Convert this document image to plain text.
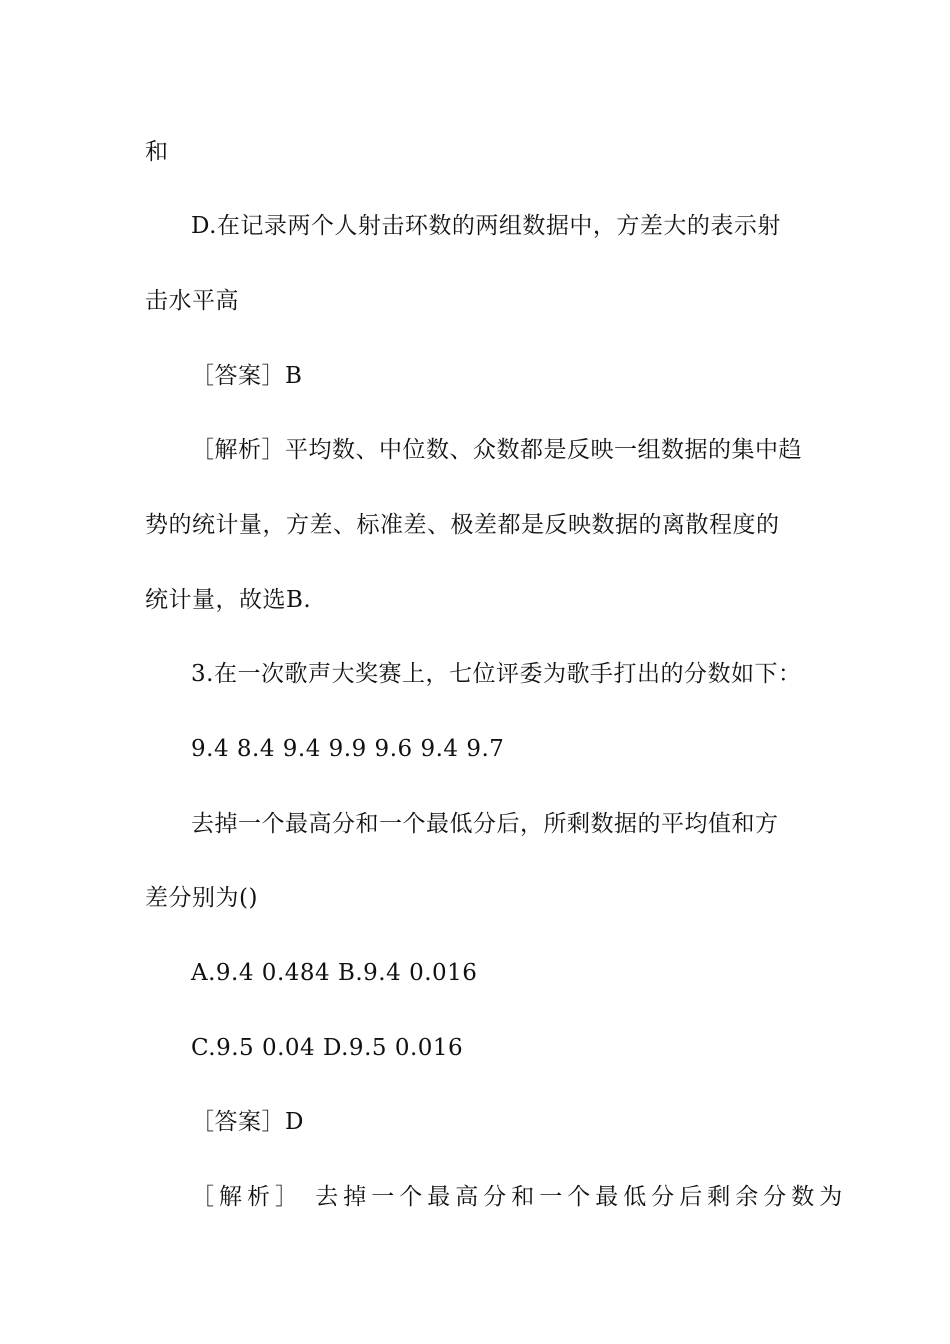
和
D.在记录两个人射击环数的两组数据中，方差大的表示射
击水平高
［答案］B
［解析］平均数、中位数、众数都是反映一组数据的集中趋
势的统计量，方差、标准差、极差都是反映数据的离散程度的
统计量，故选B.
3.在一次歌声大奖赛上，七位评委为歌手打出的分数如下：
9.4 8.4 9.4 9.9 9.6 9.4 9.7
去掉一个最高分和一个最低分后，所剩数据的平均值和方
差分别为()
A.9.4 0.484 B.9.4 0.016
C.9.5 0.04 D.9.5 0.016
［答案］D
［解析］ 去掉一个最高分和一个最低分后剩余分数为
